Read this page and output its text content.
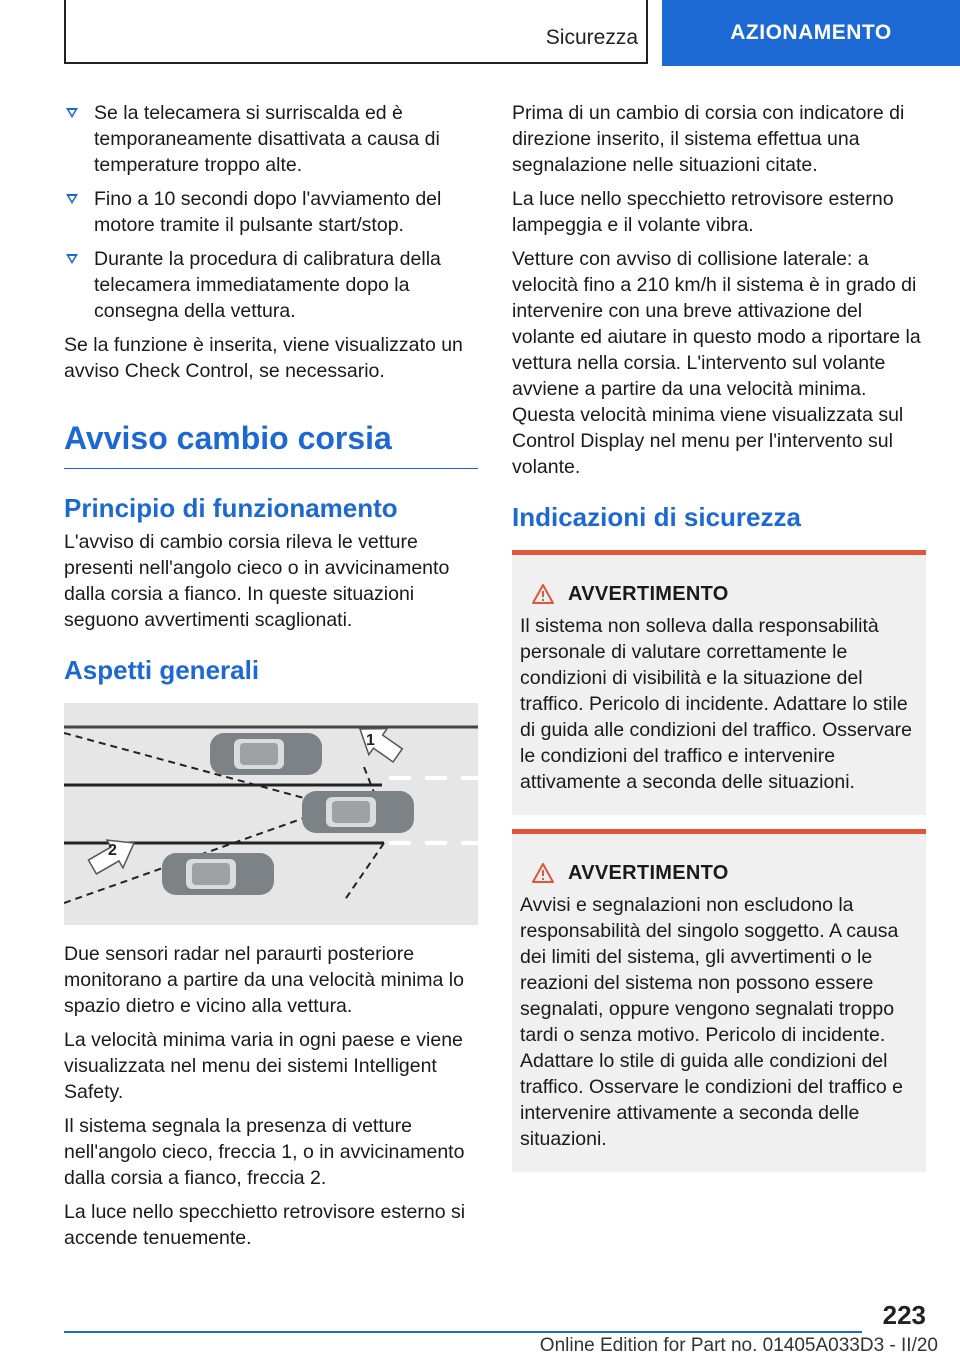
Sicurezza	AZIONAMENTO
Se la telecamera si surriscalda ed è temporaneamente disattivata a causa di temperature troppo alte.
Fino a 10 secondi dopo l'avviamento del motore tramite il pulsante start/stop.
Durante la procedura di calibratura della telecamera immediatamente dopo la consegna della vettura.

Se la funzione è inserita, viene visualizzato un avviso Check Control, se necessario.

Avviso cambio corsia
Principio di funzionamento

L'avviso di cambio corsia rileva le vetture presenti nell'angolo cieco o in avvicinamento dalla corsia a fianco. In queste situazioni seguono avvertimenti scaglionati.

Aspetti generali
1
2

Due sensori radar nel paraurti posteriore monitorano a partire da una velocità minima lo spazio dietro e vicino alla vettura.

La velocità minima varia in ogni paese e viene visualizzata nel menu dei sistemi Intelligent Safety.

Il sistema segnala la presenza di vetture nell'angolo cieco, freccia 1, o in avvicinamento dalla corsia a fianco, freccia 2.

La luce nello specchietto retrovisore esterno si accende tenuemente.

Prima di un cambio di corsia con indicatore di direzione inserito, il sistema effettua una segnalazione nelle situazioni citate.

La luce nello specchietto retrovisore esterno lampeggia e il volante vibra.

Vetture con avviso di collisione laterale: a velocità fino a 210 km/h il sistema è in grado di intervenire con una breve attivazione del volante ed aiutare in questo modo a riportare la vettura nella corsia. L'intervento sul volante avviene a partire da una velocità minima. Questa velocità minima viene visualizzata sul Control Display nel menu per l'intervento sul volante.

Indicazioni di sicurezza
AVVERTIMENTO

Il sistema non solleva dalla responsabilità personale di valutare correttamente le condizioni di visibilità e la situazione del traffico. Pericolo di incidente. Adattare lo stile di guida alle condizioni del traffico. Osservare le condizioni del traffico e intervenire attivamente a seconda delle situazioni.

AVVERTIMENTO

Avvisi e segnalazioni non escludono la responsabilità del singolo soggetto. A causa dei limiti del sistema, gli avvertimenti o le reazioni del sistema non possono essere segnalati, oppure vengono segnalati troppo tardi o senza motivo. Pericolo di incidente. Adattare lo stile di guida alle condizioni del traffico. Osservare le condizioni del traffico e intervenire attivamente a seconda delle situazioni.

223
Online Edition for Part no. 01405A033D3 - II/20
